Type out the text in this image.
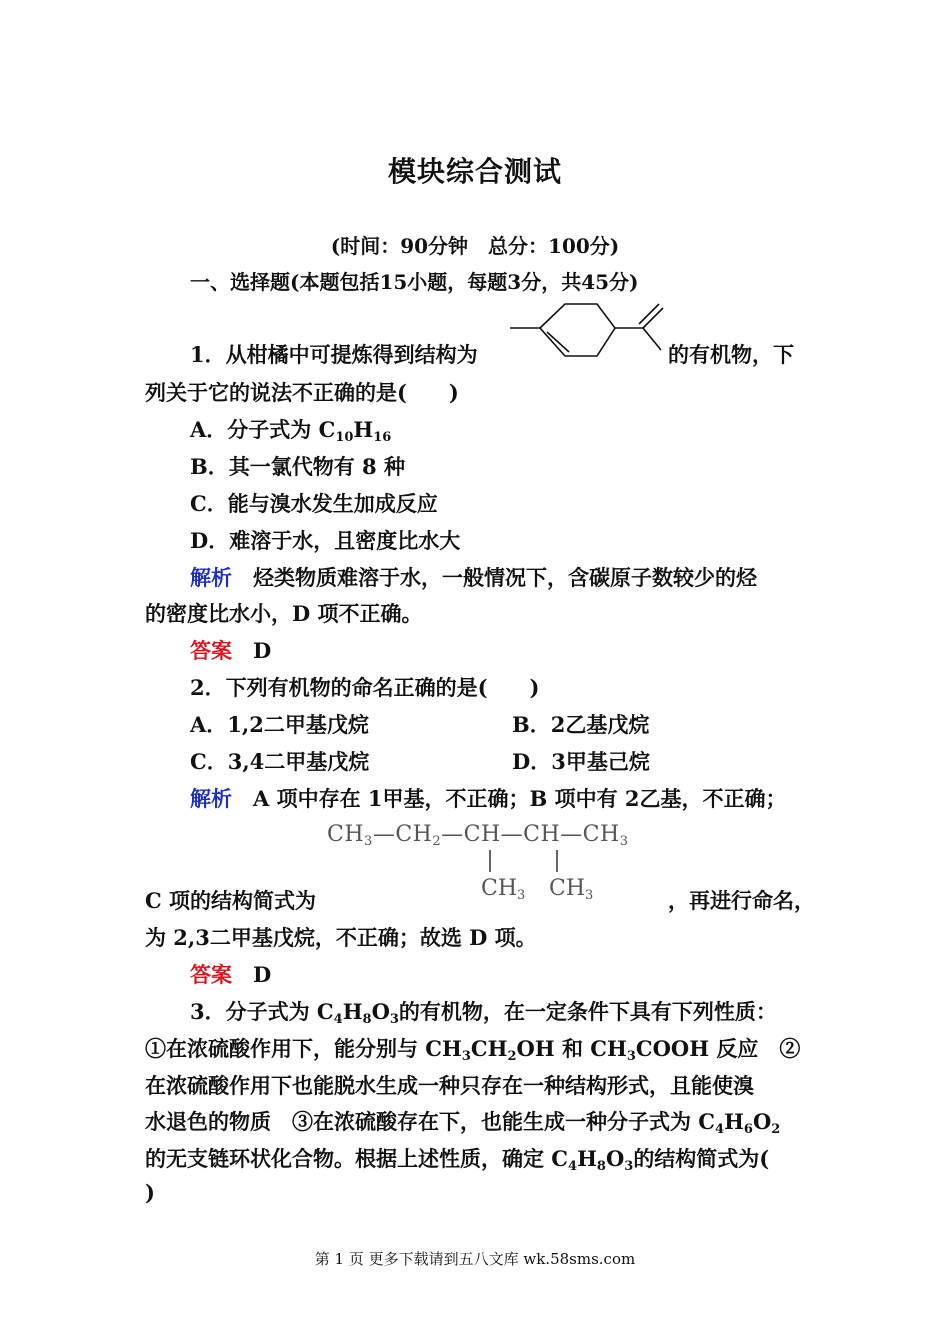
模块综合测试
(时间：90分钟　总分：100分)
一、选择题(本题包括15小题，每题3分，共45分)
1．从柑橘中可提炼得到结构为	的有机物，下
列关于它的说法不正确的是(　　)
A．分子式为 $C_{10}H_{16}$
B．其一氯代物有 8 种
C．能与溴水发生加成反应
D．难溶于水，且密度比水大
解析　 烃类物质难溶于水，一般情况下，含碳原子数较少的烃
的密度比水小，D 项不正确。
答案　 D
2．下列有机物的命名正确的是(　　)
A．1,2二甲基戊烷	B．2乙基戊烷
C．3,4二甲基戊烷	D．3甲基己烷
解析　 A 项中存在 1甲基，不正确；B 项中有 2乙基，不正确；
$CH_3—CH_2—CH—CH—CH_3$
$CH_3$ $CH_3$
C 项的结构简式为	，再进行命名，
为 2,3二甲基戊烷，不正确；故选 D 项。
答案　 D
3．分子式为 $C_4H_8O_3$的有机物，在一定条件下具有下列性质：
①在浓硫酸作用下，能分别与 $CH_3CH_2OH$ 和 $CH_3COOH$ 反应　②
在浓硫酸作用下也能脱水生成一种只存在一种结构形式，且能使溴
水退色的物质　③在浓硫酸存在下，也能生成一种分子式为 $C_4H_6O_2$
的无支链环状化合物。根据上述性质，确定 $C_4H_8O_3$的结构简式为(
)
第 1 页 更多下载请到五八文库 wk.58sms.com
